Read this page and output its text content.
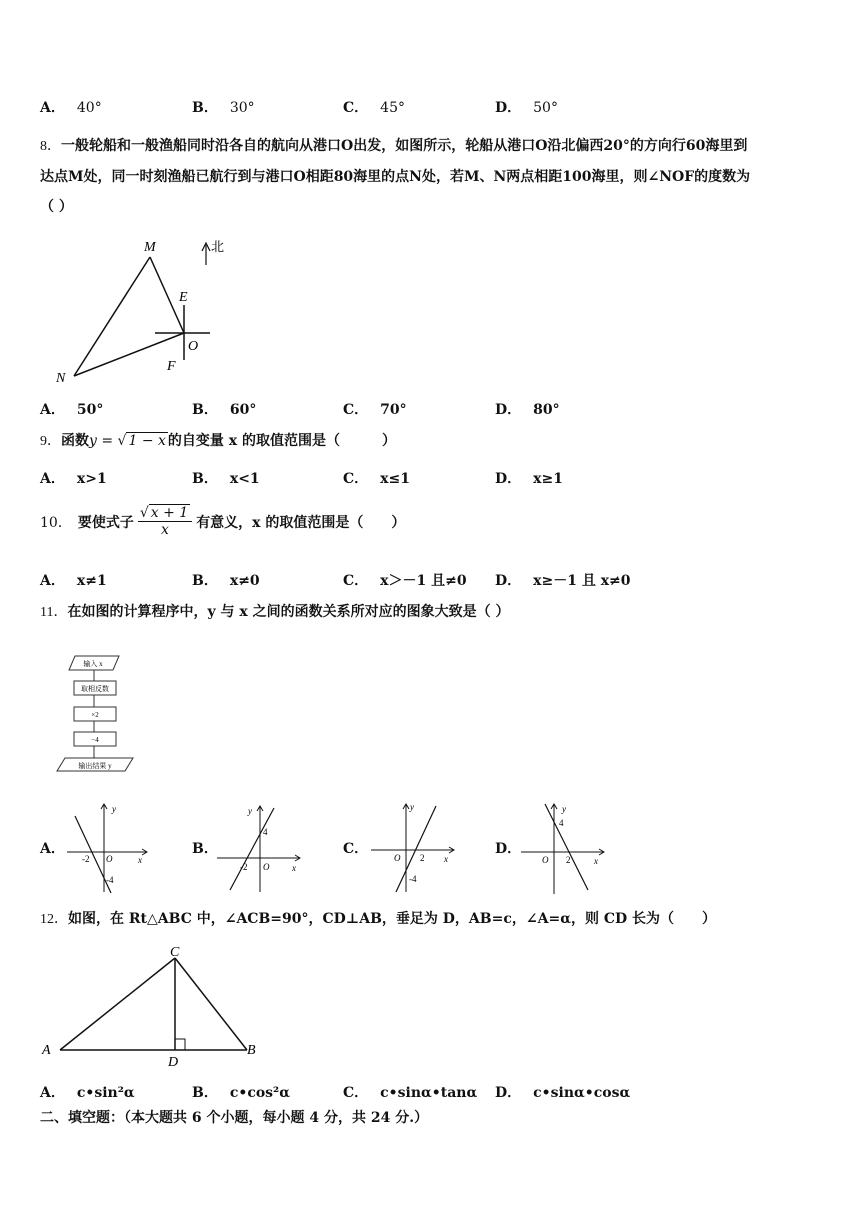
A． 40°	B． 30°	C． 45°	D． 50°
8．一般轮船和一般渔船同时沿各自的航向从港口O出发，如图所示，轮船从港口O沿北偏西20°的方向行60海里到
达点M处，同一时刻渔船已航行到与港口O相距80海里的点N处，若M、N两点相距100海里，则∠NOF的度数为
（ ）
M
N
E
O
F
北
A． 50°	B． 60°	C． 70°	D． 80°
9．函数y = √ 1 − x 的自变量 x 的取值范围是（　　　）
A． x>1	B． x<1	C． x≤1	D． x≥1
10． 要使式子 $\frac{√ x + 1}{x}$ 有意义，x 的取值范围是（　　）
A． x≠1	B． x≠0	C． x＞－1 且≠0	D． x≥－1 且 x≠0
11．在如图的计算程序中，y 与 x 之间的函数关系所对应的图象大致是（ ）
输入 x
取相反数
×2
−4
输出结果 y
A．
y
x
O
-2
-4
B．
y
x
O
4
-2
C．
y
x
O 2
-4
D．
y
x
O
4
2
12．如图，在 Rt△ABC 中，∠ACB=90°，CD⊥AB，垂足为 D，AB=c，∠A=α，则 CD 长为（　　）
C
A	B
D
A． c•sin²α	B． c•cos²α	C． c•sinα•tanα	D． c•sinα•cosα
二、填空题：（本大题共 6 个小题，每小题 4 分，共 24 分.）
